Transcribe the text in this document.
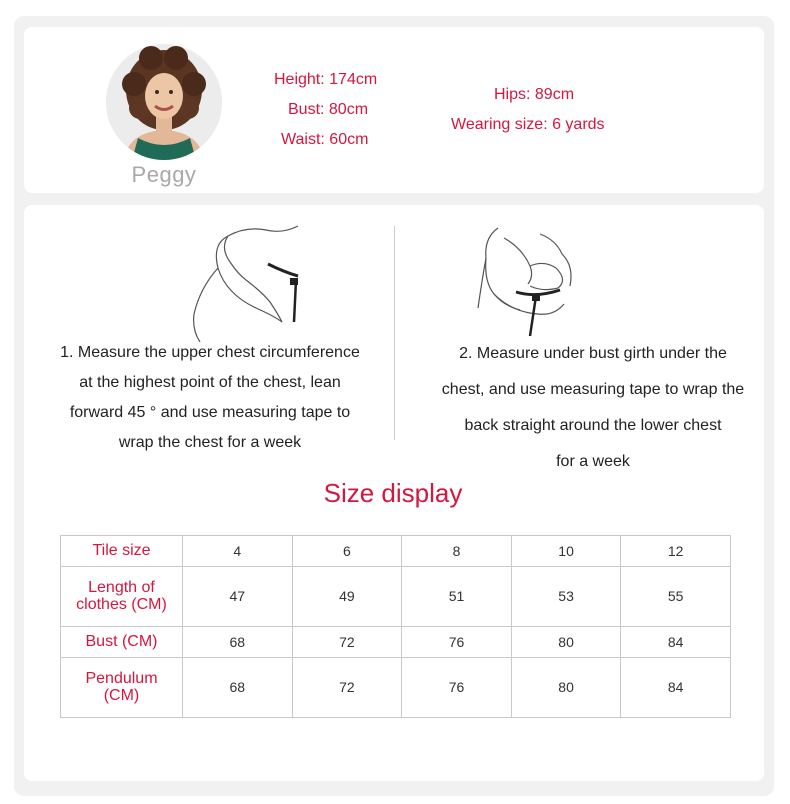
Peggy
Height: 174cm
Bust: 80cm
Waist: 60cm
Hips: 89cm
Wearing size: 6 yards
1. Measure the upper chest circumference
at the highest point of the chest, lean
forward 45 ° and use measuring tape to
wrap the chest for a week
2. Measure under bust girth under the
chest, and use measuring tape to wrap the
back straight around the lower chest
for a week
Size display
Tile size	4	6	8	10	12

Length of
clothes (CM)	47	49	51	53	55

Bust (CM)	68	72	76	80	84

Pendulum
(CM)	68	72	76	80	84
